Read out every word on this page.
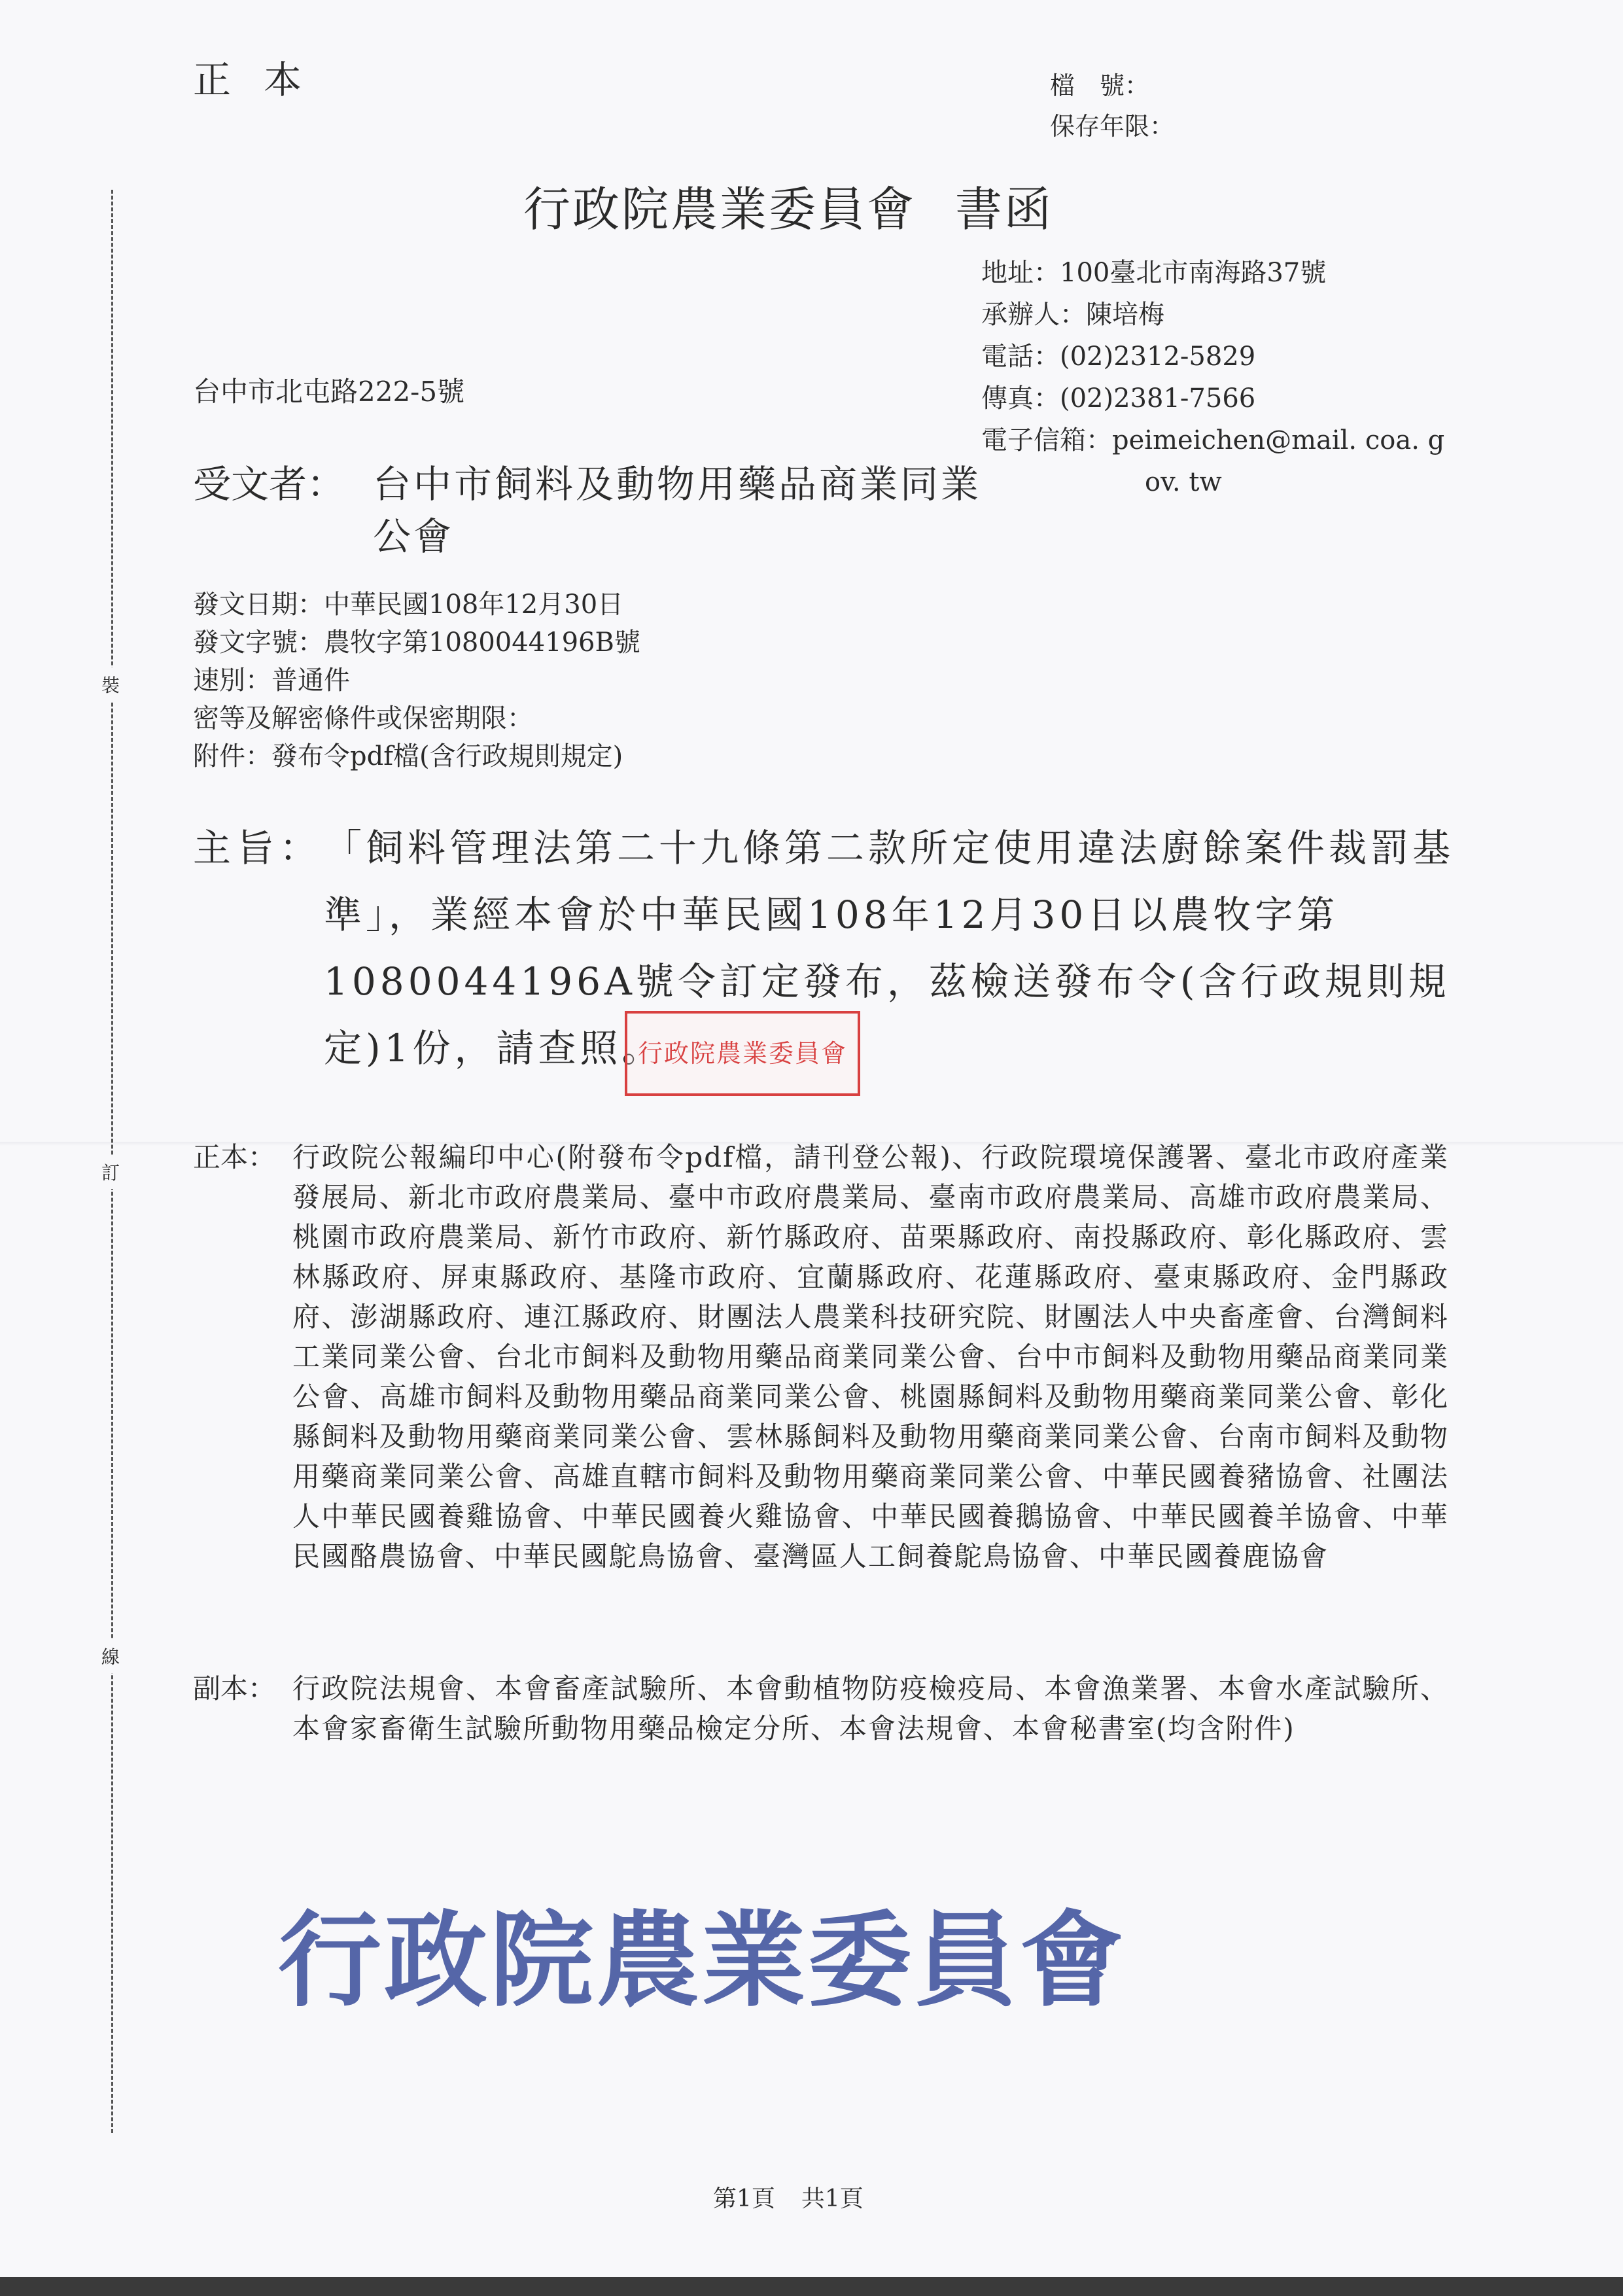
裝
訂
線
正本	檔　號：
保存年限：
行政院農業委員會 書函
地址：100臺北市南海路37號
承辦人：陳培梅
電話：(02)2312-5829
傳真：(02)2381-7566
電子信箱：peimeichen@mail. coa. g
ov. tw
台中市北屯路222-5號
受文者： 台中市飼料及動物用藥品商業同業公會
發文日期：中華民國108年12月30日
發文字號：農牧字第1080044196B號
速別：普通件
密等及解密條件或保密期限：
附件：發布令pdf檔(含行政規則規定)
主旨： 「飼料管理法第二十九條第二款所定使用違法廚餘案件裁罰基準」，業經本會於中華民國108年12月30日以農牧字第1080044196A號令訂定發布，茲檢送發布令(含行政規則規定)1份，請查照。
行政院農業委員會
正本： 行政院公報編印中心(附發布令pdf檔，請刊登公報)、行政院環境保護署、臺北市政府產業發展局、新北市政府農業局、臺中市政府農業局、臺南市政府農業局、高雄市政府農業局、桃園市政府農業局、新竹市政府、新竹縣政府、苗栗縣政府、南投縣政府、彰化縣政府、雲林縣政府、屏東縣政府、基隆市政府、宜蘭縣政府、花蓮縣政府、臺東縣政府、金門縣政府、澎湖縣政府、連江縣政府、財團法人農業科技研究院、財團法人中央畜產會、台灣飼料工業同業公會、台北市飼料及動物用藥品商業同業公會、台中市飼料及動物用藥品商業同業公會、高雄市飼料及動物用藥品商業同業公會、桃園縣飼料及動物用藥商業同業公會、彰化縣飼料及動物用藥商業同業公會、雲林縣飼料及動物用藥商業同業公會、台南市飼料及動物用藥商業同業公會、高雄直轄市飼料及動物用藥商業同業公會、中華民國養豬協會、社團法人中華民國養雞協會、中華民國養火雞協會、中華民國養鵝協會、中華民國養羊協會、中華民國酪農協會、中華民國鴕鳥協會、臺灣區人工飼養鴕鳥協會、中華民國養鹿協會
副本： 行政院法規會、本會畜產試驗所、本會動植物防疫檢疫局、本會漁業署、本會水產試驗所、本會家畜衛生試驗所動物用藥品檢定分所、本會法規會、本會秘書室(均含附件)
行政院農業委員會
第1頁 共1頁
